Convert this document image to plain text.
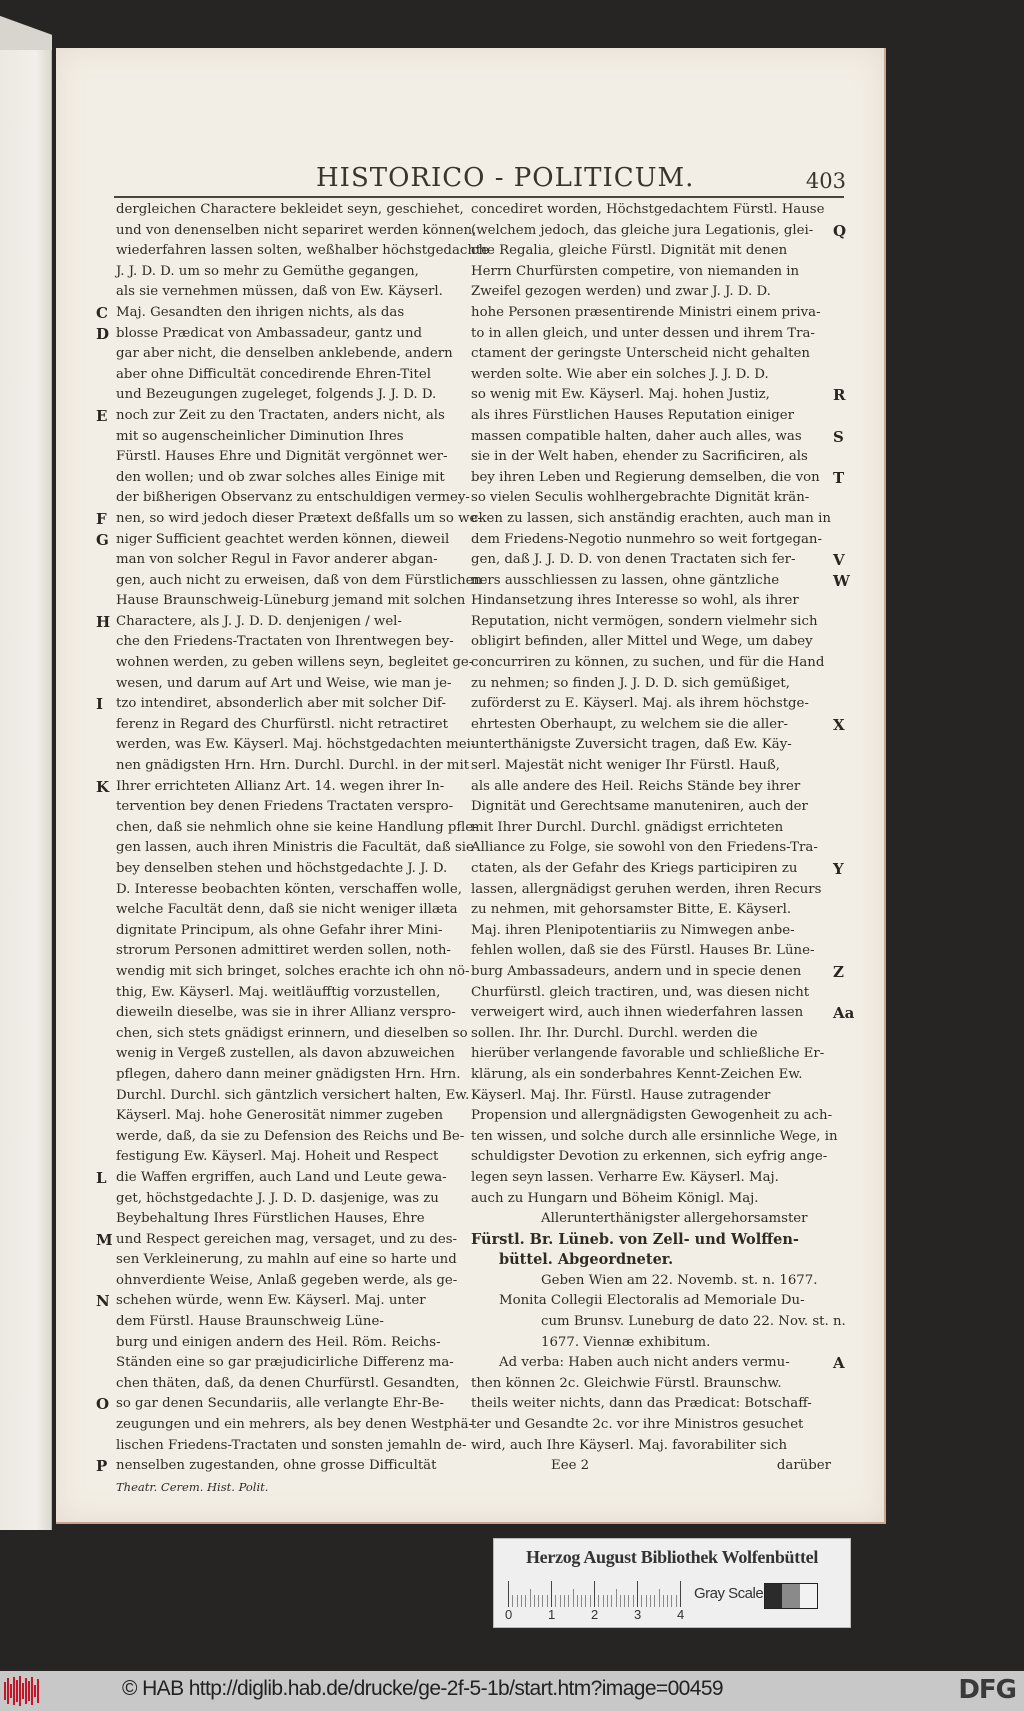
HISTORICO - POLITICUM.	403
dergleichen Charactere bekleidet seyn, geschiehet,
und von denenselben nicht separiret werden können,
wiederfahren lassen solten, weßhalber höchstgedachte
J. J. D. D. um so mehr zu Gemüthe gegangen,
als sie vernehmen müssen, daß von Ew. Käyserl.
C Maj. Gesandten den ihrigen nichts, als das
D blosse Prædicat von Ambassadeur, gantz und
gar aber nicht, die denselben anklebende, andern
aber ohne Difficultät concedirende Ehren-Titel
und Bezeugungen zugeleget, folgends J. J. D. D.
E noch zur Zeit zu den Tractaten, anders nicht, als
mit so augenscheinlicher Diminution Ihres
Fürstl. Hauses Ehre und Dignität vergönnet wer-
den wollen; und ob zwar solches alles Einige mit
der bißherigen Observanz zu entschuldigen vermey-
F nen, so wird jedoch dieser Prætext deßfalls um so we-
G niger Sufficient geachtet werden können, dieweil
man von solcher Regul in Favor anderer abgan-
gen, auch nicht zu erweisen, daß von dem Fürstlichen
Hause Braunschweig-Lüneburg jemand mit solchen
H Charactere, als J. J. D. D. denjenigen / wel-
che den Friedens-Tractaten von Ihrentwegen bey-
wohnen werden, zu geben willens seyn, begleitet ge-
wesen, und darum auf Art und Weise, wie man je-
I tzo intendiret, absonderlich aber mit solcher Dif-
ferenz in Regard des Churfürstl. nicht retractiret
werden, was Ew. Käyserl. Maj. höchstgedachten mei-
nen gnädigsten Hrn. Hrn. Durchl. Durchl. in der mit
K Ihrer errichteten Allianz Art. 14. wegen ihrer In-
tervention bey denen Friedens Tractaten verspro-
chen, daß sie nehmlich ohne sie keine Handlung pfle-
gen lassen, auch ihren Ministris die Facultät, daß sie
bey denselben stehen und höchstgedachte J. J. D.
D. Interesse beobachten könten, verschaffen wolle,
welche Facultät denn, daß sie nicht weniger illæta
dignitate Principum, als ohne Gefahr ihrer Mini-
strorum Personen admittiret werden sollen, noth-
wendig mit sich bringet, solches erachte ich ohn nö-
thig, Ew. Käyserl. Maj. weitläufftig vorzustellen,
dieweiln dieselbe, was sie in ihrer Allianz verspro-
chen, sich stets gnädigst erinnern, und dieselben so
wenig in Vergeß zustellen, als davon abzuweichen
pflegen, dahero dann meiner gnädigsten Hrn. Hrn.
Durchl. Durchl. sich gäntzlich versichert halten, Ew.
Käyserl. Maj. hohe Generosität nimmer zugeben
werde, daß, da sie zu Defension des Reichs und Be-
festigung Ew. Käyserl. Maj. Hoheit und Respect
L die Waffen ergriffen, auch Land und Leute gewa-
get, höchstgedachte J. J. D. D. dasjenige, was zu
Beybehaltung Ihres Fürstlichen Hauses, Ehre
M und Respect gereichen mag, versaget, und zu des-
sen Verkleinerung, zu mahln auf eine so harte und
ohnverdiente Weise, Anlaß gegeben werde, als ge-
N schehen würde, wenn Ew. Käyserl. Maj. unter
dem Fürstl. Hause Braunschweig Lüne-
burg und einigen andern des Heil. Röm. Reichs-
Ständen eine so gar præjudicirliche Differenz ma-
chen thäten, daß, da denen Churfürstl. Gesandten,
O so gar denen Secundariis, alle verlangte Ehr-Be-
zeugungen und ein mehrers, als bey denen Westphä-
lischen Friedens-Tractaten und sonsten jemahln de-
P nenselben zugestanden, ohne grosse Difficultät
Theatr. Cerem. Hist. Polit.
concediret worden, Höchstgedachtem Fürstl. Hause
Q
(welchem jedoch, das gleiche jura Legationis, glei-
che Regalia, gleiche Fürstl. Dignität mit denen
Herrn Churfürsten competire, von niemanden in
Zweifel gezogen werden) und zwar J. J. D. D.
hohe Personen præsentirende Ministri einem priva-
to in allen gleich, und unter dessen und ihrem Tra-
ctament der geringste Unterscheid nicht gehalten
werden solte. Wie aber ein solches J. J. D. D.
R
so wenig mit Ew. Käyserl. Maj. hohen Justiz,
als ihres Fürstlichen Hauses Reputation einiger
S
massen compatible halten, daher auch alles, was
sie in der Welt haben, ehender zu Sacrificiren, als
T
bey ihren Leben und Regierung demselben, die von
so vielen Seculis wohlhergebrachte Dignität krän-
cken zu lassen, sich anständig erachten, auch man in
dem Friedens-Negotio nunmehro so weit fortgegan-
V
gen, daß J. J. D. D. von denen Tractaten sich fer-
W
ners ausschliessen zu lassen, ohne gäntzliche
Hindansetzung ihres Interesse so wohl, als ihrer
Reputation, nicht vermögen, sondern vielmehr sich
obligirt befinden, aller Mittel und Wege, um dabey
concurriren zu können, zu suchen, und für die Hand
zu nehmen; so finden J. J. D. D. sich gemüßiget,
zuförderst zu E. Käyserl. Maj. als ihrem höchstge-
X
ehrtesten Oberhaupt, zu welchem sie die aller-
unterthänigste Zuversicht tragen, daß Ew. Käy-
serl. Majestät nicht weniger Ihr Fürstl. Hauß,
als alle andere des Heil. Reichs Stände bey ihrer
Dignität und Gerechtsame manuteniren, auch der
mit Ihrer Durchl. Durchl. gnädigst errichteten
Alliance zu Folge, sie sowohl von den Friedens-Tra-
Y
ctaten, als der Gefahr des Kriegs participiren zu
lassen, allergnädigst geruhen werden, ihren Recurs
zu nehmen, mit gehorsamster Bitte, E. Käyserl.
Maj. ihren Plenipotentiariis zu Nimwegen anbe-
fehlen wollen, daß sie des Fürstl. Hauses Br. Lüne-
Z
burg Ambassadeurs, andern und in specie denen
Churfürstl. gleich tractiren, und, was diesen nicht
Aa
verweigert wird, auch ihnen wiederfahren lassen
sollen. Ihr. Ihr. Durchl. Durchl. werden die
hierüber verlangende favorable und schließliche Er-
klärung, als ein sonderbahres Kennt-Zeichen Ew.
Käyserl. Maj. Ihr. Fürstl. Hause zutragender
Propension und allergnädigsten Gewogenheit zu ach-
ten wissen, und solche durch alle ersinnliche Wege, in
schuldigster Devotion zu erkennen, sich eyfrig ange-
legen seyn lassen. Verharre Ew. Käyserl. Maj.
auch zu Hungarn und Böheim Königl. Maj.
Allerunterthänigster allergehorsamster
Fürstl. Br. Lüneb. von Zell- und Wolffen-
büttel. Abgeordneter.
Geben Wien am 22. Novemb. st. n. 1677.
Monita Collegii Electoralis ad Memoriale Du-
cum Brunsv. Luneburg de dato 22. Nov. st. n.
1677. Viennæ exhibitum.
A
Ad verba: Haben auch nicht anders vermu-
then können 2c. Gleichwie Fürstl. Braunschw.
theils weiter nichts, dann das Prædicat: Botschaff-
ter und Gesandte 2c. vor ihre Ministros gesuchet
wird, auch Ihre Käyserl. Maj. favorabiliter sich
Eee 2	darüber
Herzog August Bibliothek Wolfenbüttel
0	1	2	3	4
Gray Scale
© HAB http://diglib.hab.de/drucke/ge-2f-5-1b/start.htm?image=00459	DFG
